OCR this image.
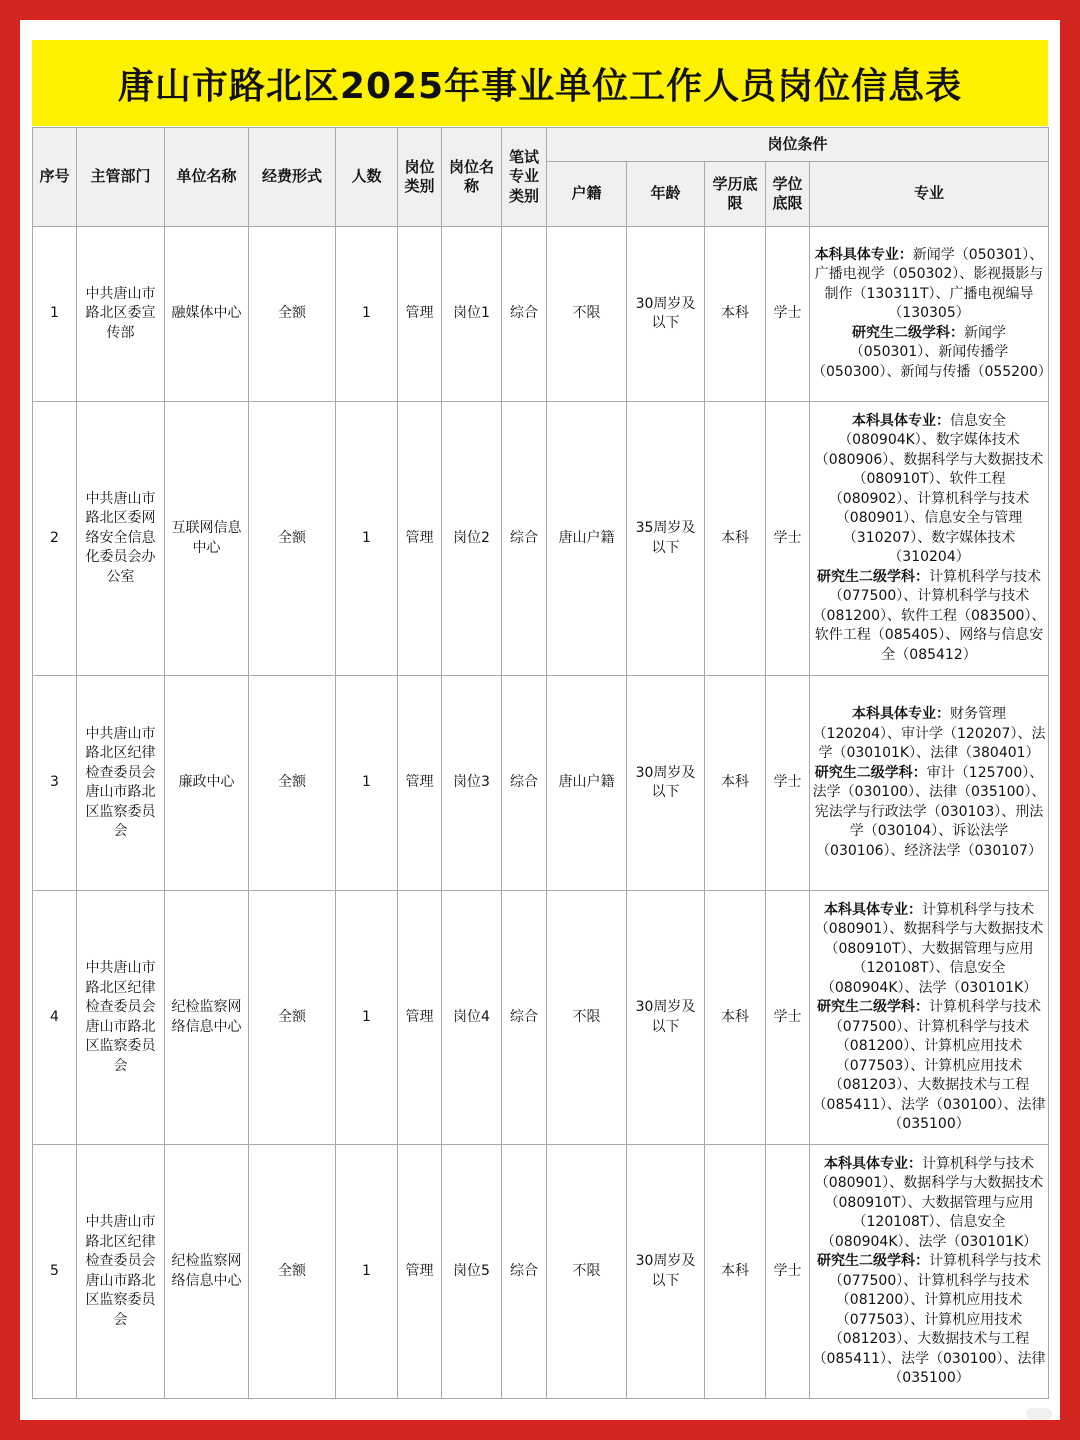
唐山市路北区2025年事业单位工作人员岗位信息表
序号	主管部门	单位名称	经费形式	人数	岗位类别	岗位名称	笔试专业类别	岗位条件				
								户籍	年龄	学历底限	学位底限	专业
1	中共唐山市路北区委宣传部	融媒体中心	全额	1	管理	岗位1	综合	不限	30周岁及以下	本科	学士	本科具体专业：新闻学（050301）、广播电视学（050302）、影视摄影与制作（130311T）、广播电视编导（130305）
研究生二级学科：新闻学（050301）、新闻传播学（050300）、新闻与传播（055200）
2	中共唐山市路北区委网络安全信息化委员会办公室	互联网信息中心	全额	1	管理	岗位2	综合	唐山户籍	35周岁及以下	本科	学士	本科具体专业：信息安全（080904K）、数字媒体技术（080906）、数据科学与大数据技术（080910T）、软件工程（080902）、计算机科学与技术（080901）、信息安全与管理（310207）、数字媒体技术（310204）
研究生二级学科：计算机科学与技术（077500）、计算机科学与技术（081200）、软件工程（083500）、软件工程（085405）、网络与信息安全（085412）
3	中共唐山市路北区纪律检查委员会唐山市路北区监察委员会	廉政中心	全额	1	管理	岗位3	综合	唐山户籍	30周岁及以下	本科	学士	本科具体专业：财务管理（120204）、审计学（120207）、法学（030101K）、法律（380401）
研究生二级学科：审计（125700）、法学（030100）、法律（035100）、宪法学与行政法学（030103）、刑法学（030104）、诉讼法学（030106）、经济法学（030107）
4	中共唐山市路北区纪律检查委员会唐山市路北区监察委员会	纪检监察网络信息中心	全额	1	管理	岗位4	综合	不限	30周岁及以下	本科	学士	本科具体专业：计算机科学与技术（080901）、数据科学与大数据技术（080910T）、大数据管理与应用（120108T）、信息安全（080904K）、法学（030101K）
研究生二级学科：计算机科学与技术（077500）、计算机科学与技术（081200）、计算机应用技术（077503）、计算机应用技术（081203）、大数据技术与工程（085411）、法学（030100）、法律（035100）
5	中共唐山市路北区纪律检查委员会唐山市路北区监察委员会	纪检监察网络信息中心	全额	1	管理	岗位5	综合	不限	30周岁及以下	本科	学士	本科具体专业：计算机科学与技术（080901）、数据科学与大数据技术（080910T）、大数据管理与应用（120108T）、信息安全（080904K）、法学（030101K）
研究生二级学科：计算机科学与技术（077500）、计算机科学与技术（081200）、计算机应用技术（077503）、计算机应用技术（081203）、大数据技术与工程（085411）、法学（030100）、法律（035100）
